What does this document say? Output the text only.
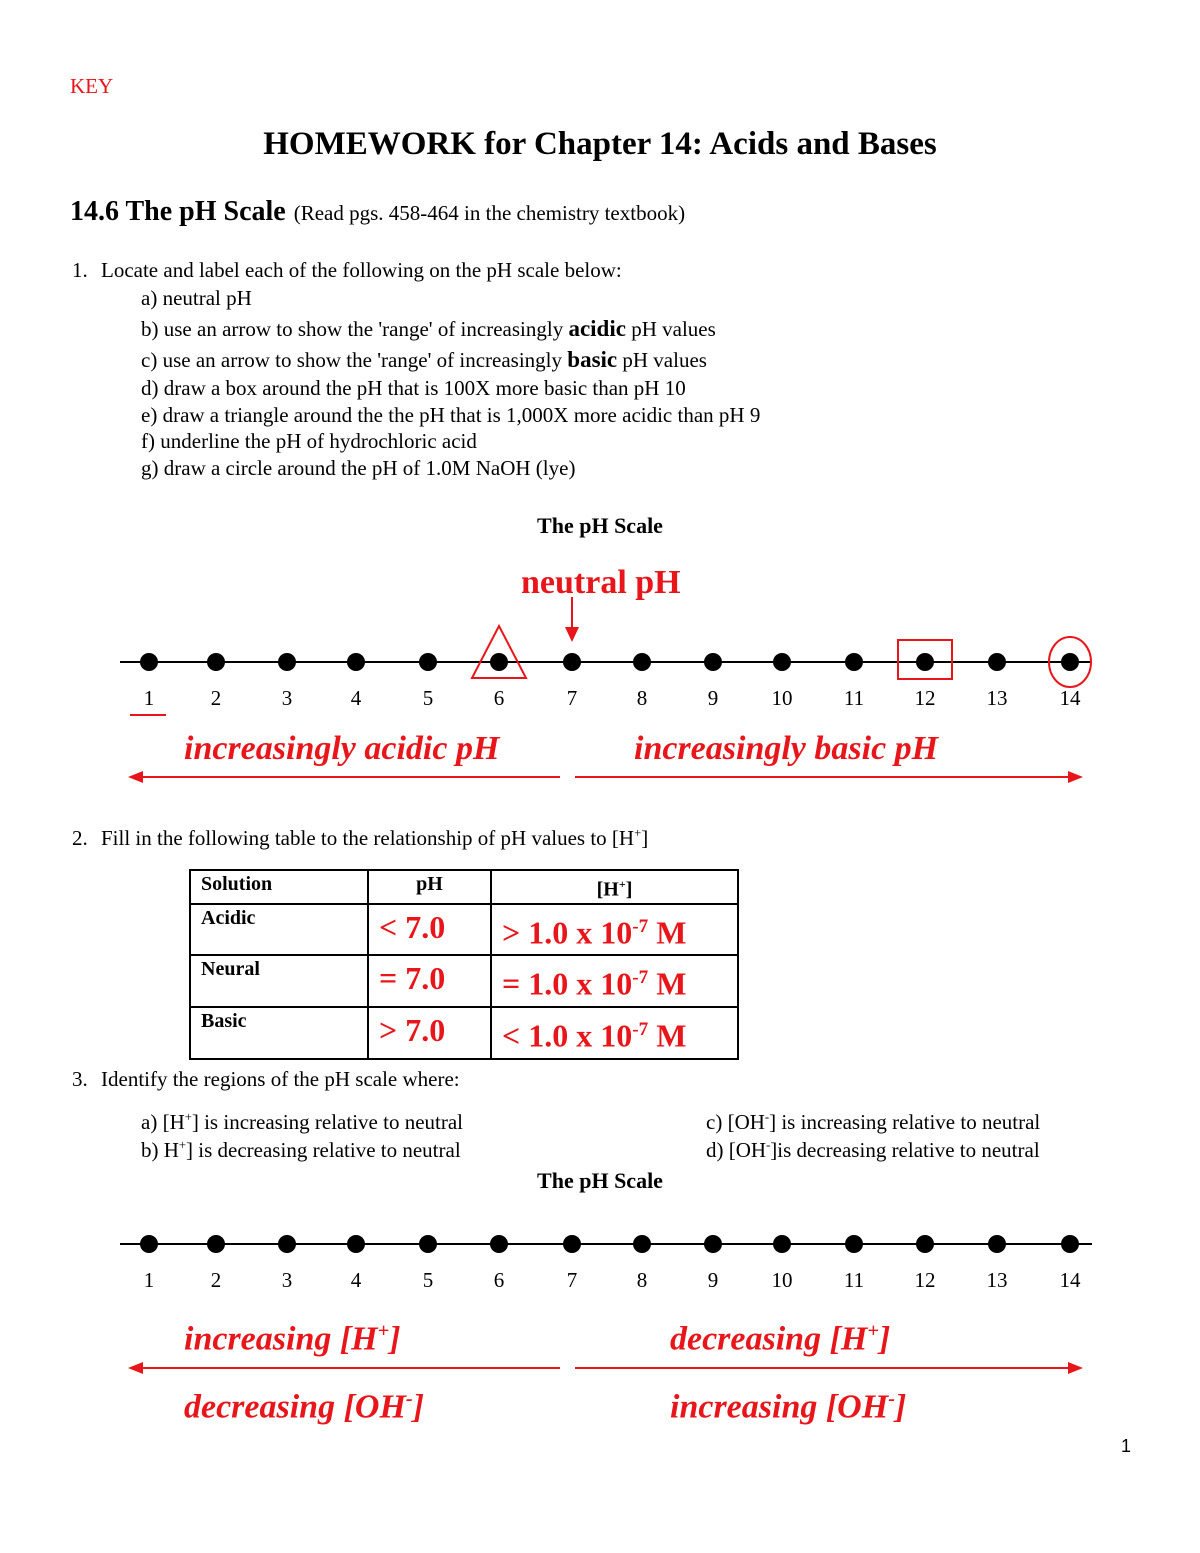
KEY
HOMEWORK for Chapter 14: Acids and Bases
14.6 The pH Scale (Read pgs. 458-464 in the chemistry textbook)
1. Locate and label each of the following on the pH scale below:
a) neutral pH
b) use an arrow to show the 'range' of increasingly acidic pH values
c) use an arrow to show the 'range' of increasingly basic pH values
d) draw a box around the pH that is 100X more basic than pH 10
e) draw a triangle around the the pH that is 1,000X more acidic than pH 9
f) underline the pH of hydrochloric acid
g) draw a circle around the pH of 1.0M NaOH (lye)
The pH Scale
neutral pH
1	2	3	4	5	6	7	8	9	10	11	12	13	14
increasingly acidic pH	increasingly basic pH
2. Fill in the following table to the relationship of pH values to [H+]
Solution	pH	[H+]
Acidic	< 7.0	> 1.0 x $10^{-7}$ M
Neural	= 7.0	= 1.0 x $10^{-7}$ M
Basic	> 7.0	< 1.0 x $10^{-7}$ M
3. Identify the regions of the pH scale where:
a) [H+] is increasing relative to neutral
b) H+] is decreasing relative to neutral
c) [OH-] is increasing relative to neutral
d) [OH-]is decreasing relative to neutral
The pH Scale
1	2	3	4	5	6	7	8	9	10	11	12	13	14
increasing [H+]	decreasing [H+]
decreasing [OH-]	increasing [OH-]
1
